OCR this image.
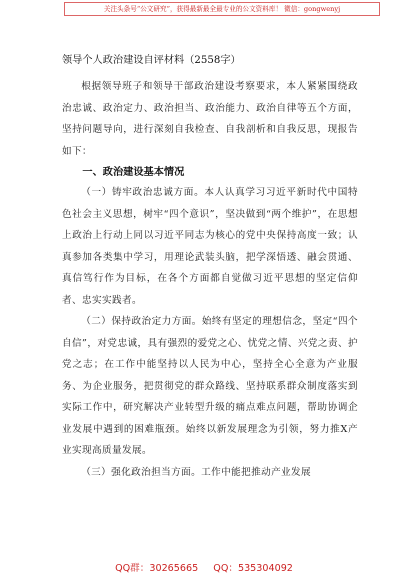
关注头条号“公文研究”，获得最新最全最专业的公文资料库！ 微信：gongwenyj
领导个人政治建设自评材料（2558字）

根据领导班子和领导干部政治建设考察要求，本人紧紧围绕政治忠诚、政治定力、政治担当、政治能力、政治自律等五个方面，坚持问题导向，进行深刻自我检查、自我剖析和自我反思，现报告如下：

一、政治建设基本情况

（一）铸牢政治忠诚方面。本人认真学习习近平新时代中国特色社会主义思想，树牢“四个意识”，坚决做到“两个维护”，在思想上政治上行动上同以习近平同志为核心的党中央保持高度一致；认真参加各类集中学习，用理论武装头脑，把学深悟透、融会贯通、真信笃行作为目标，在各个方面都自觉做习近平思想的坚定信仰者、忠实实践者。

（二）保持政治定力方面。始终有坚定的理想信念，坚定“四个自信”，对党忠诚，具有强烈的爱党之心、忧党之情、兴党之责、护党之志；在工作中能坚持以人民为中心，坚持全心全意为产业服务、为企业服务，把贯彻党的群众路线、坚持联系群众制度落实到实际工作中，研究解决产业转型升级的痛点难点问题，帮助协调企业发展中遇到的困难瓶颈。始终以新发展理念为引领，努力推X产业实现高质量发展。

（三）强化政治担当方面。工作中能把推动产业发展

QQ群：30265665 QQ：535304092
